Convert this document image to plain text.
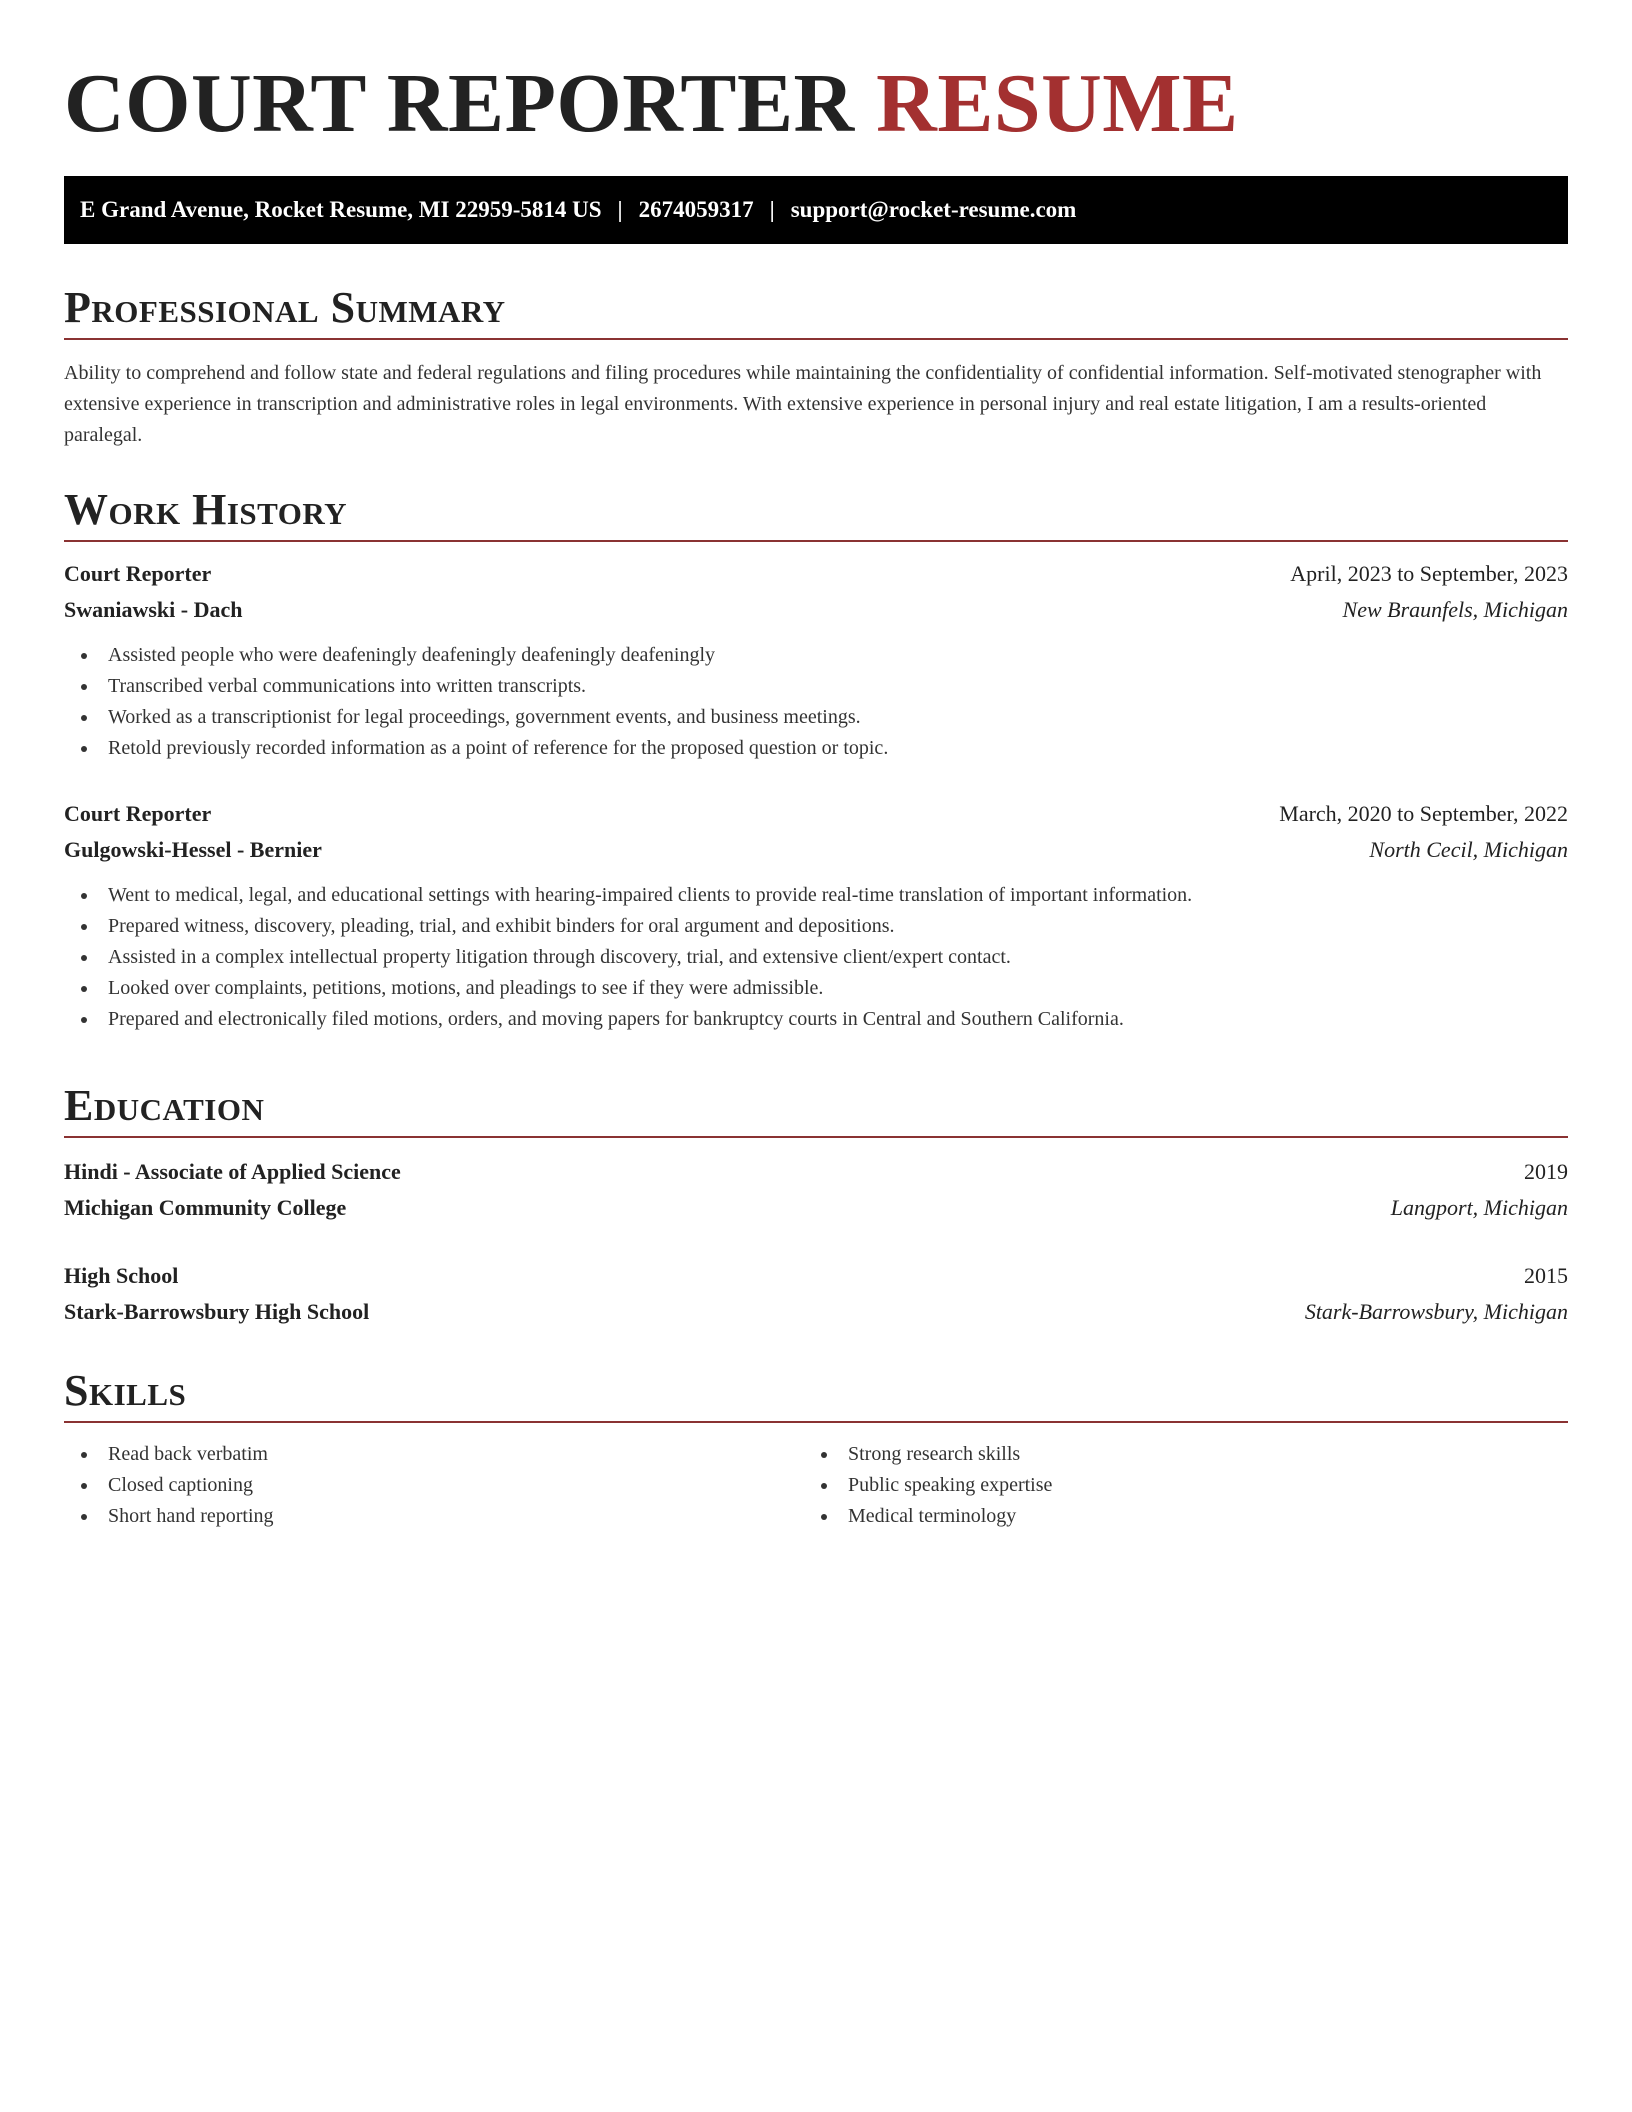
COURT REPORTER RESUME
E Grand Avenue, Rocket Resume, MI 22959-5814 US | 2674059317 | support@rocket-resume.com
Professional Summary

Ability to comprehend and follow state and federal regulations and filing procedures while maintaining the confidentiality of confidential information. Self-motivated stenographer with extensive experience in transcription and administrative roles in legal environments. With extensive experience in personal injury and real estate litigation, I am a results-oriented paralegal.

Work History
Court Reporter	April, 2023 to September, 2023
Swaniawski - Dach	New Braunfels, Michigan
Assisted people who were deafeningly deafeningly deafeningly deafeningly
Transcribed verbal communications into written transcripts.
Worked as a transcriptionist for legal proceedings, government events, and business meetings.
Retold previously recorded information as a point of reference for the proposed question or topic.
Court Reporter	March, 2020 to September, 2022
Gulgowski-Hessel - Bernier	North Cecil, Michigan
Went to medical, legal, and educational settings with hearing-impaired clients to provide real-time translation of important information.
Prepared witness, discovery, pleading, trial, and exhibit binders for oral argument and depositions.
Assisted in a complex intellectual property litigation through discovery, trial, and extensive client/expert contact.
Looked over complaints, petitions, motions, and pleadings to see if they were admissible.
Prepared and electronically filed motions, orders, and moving papers for bankruptcy courts in Central and Southern California.
Education
Hindi - Associate of Applied Science	2019
Michigan Community College	Langport, Michigan
High School	2015
Stark-Barrowsbury High School	Stark-Barrowsbury, Michigan
Skills
Read back verbatim
Closed captioning
Short hand reporting
Strong research skills
Public speaking expertise
Medical terminology
